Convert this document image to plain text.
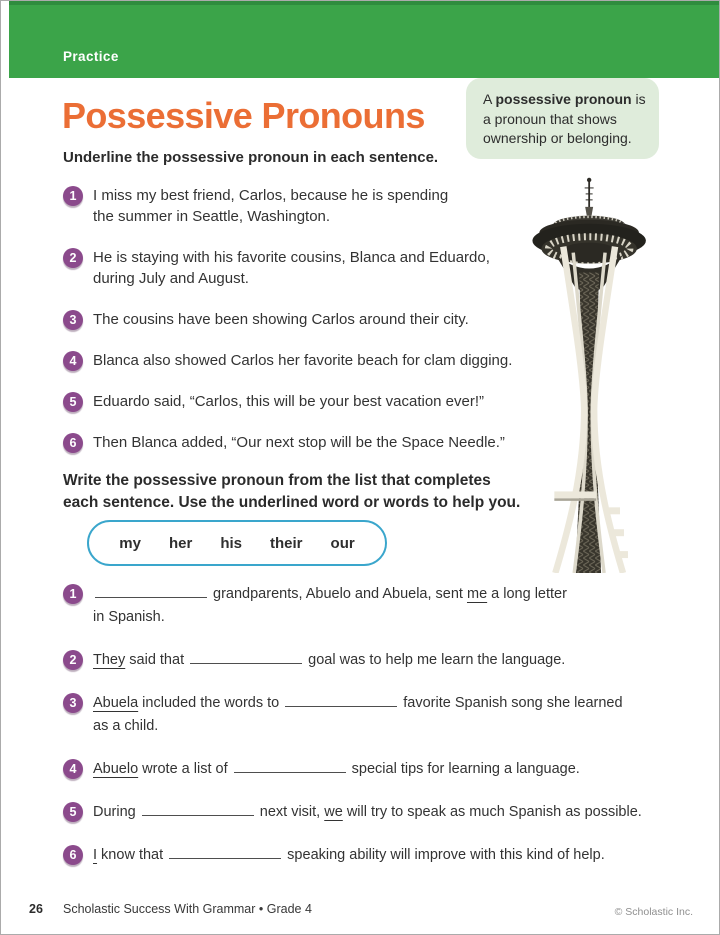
Practice
Possessive Pronouns	A possessive pronoun is a pronoun that shows ownership or belonging.
Underline the possessive pronoun in each sentence.
1	I miss my best friend, Carlos, because he is spending
the summer in Seattle, Washington.
2	He is staying with his favorite cousins, Blanca and Eduardo,
during July and August.
3	The cousins have been showing Carlos around their city.
4	Blanca also showed Carlos her favorite beach for clam digging.
5	Eduardo said, “Carlos, this will be your best vacation ever!”
6	Then Blanca added, “Our next stop will be the Space Needle.”
Write the possessive pronoun from the list that completes
each sentence. Use the underlined word or words to help you.
my her his their our
1	grandparents, Abuelo and Abuela, sent me a long letter
in Spanish.
2	They said that	goal was to help me learn the language.
3	Abuela included the words to	favorite Spanish song she learned
as a child.
4	Abuelo wrote a list of	special tips for learning a language.
5	During	next visit, we will try to speak as much Spanish as possible.
6	I know that	speaking ability will improve with this kind of help.
26 Scholastic Success With Grammar • Grade 4	© Scholastic Inc.
